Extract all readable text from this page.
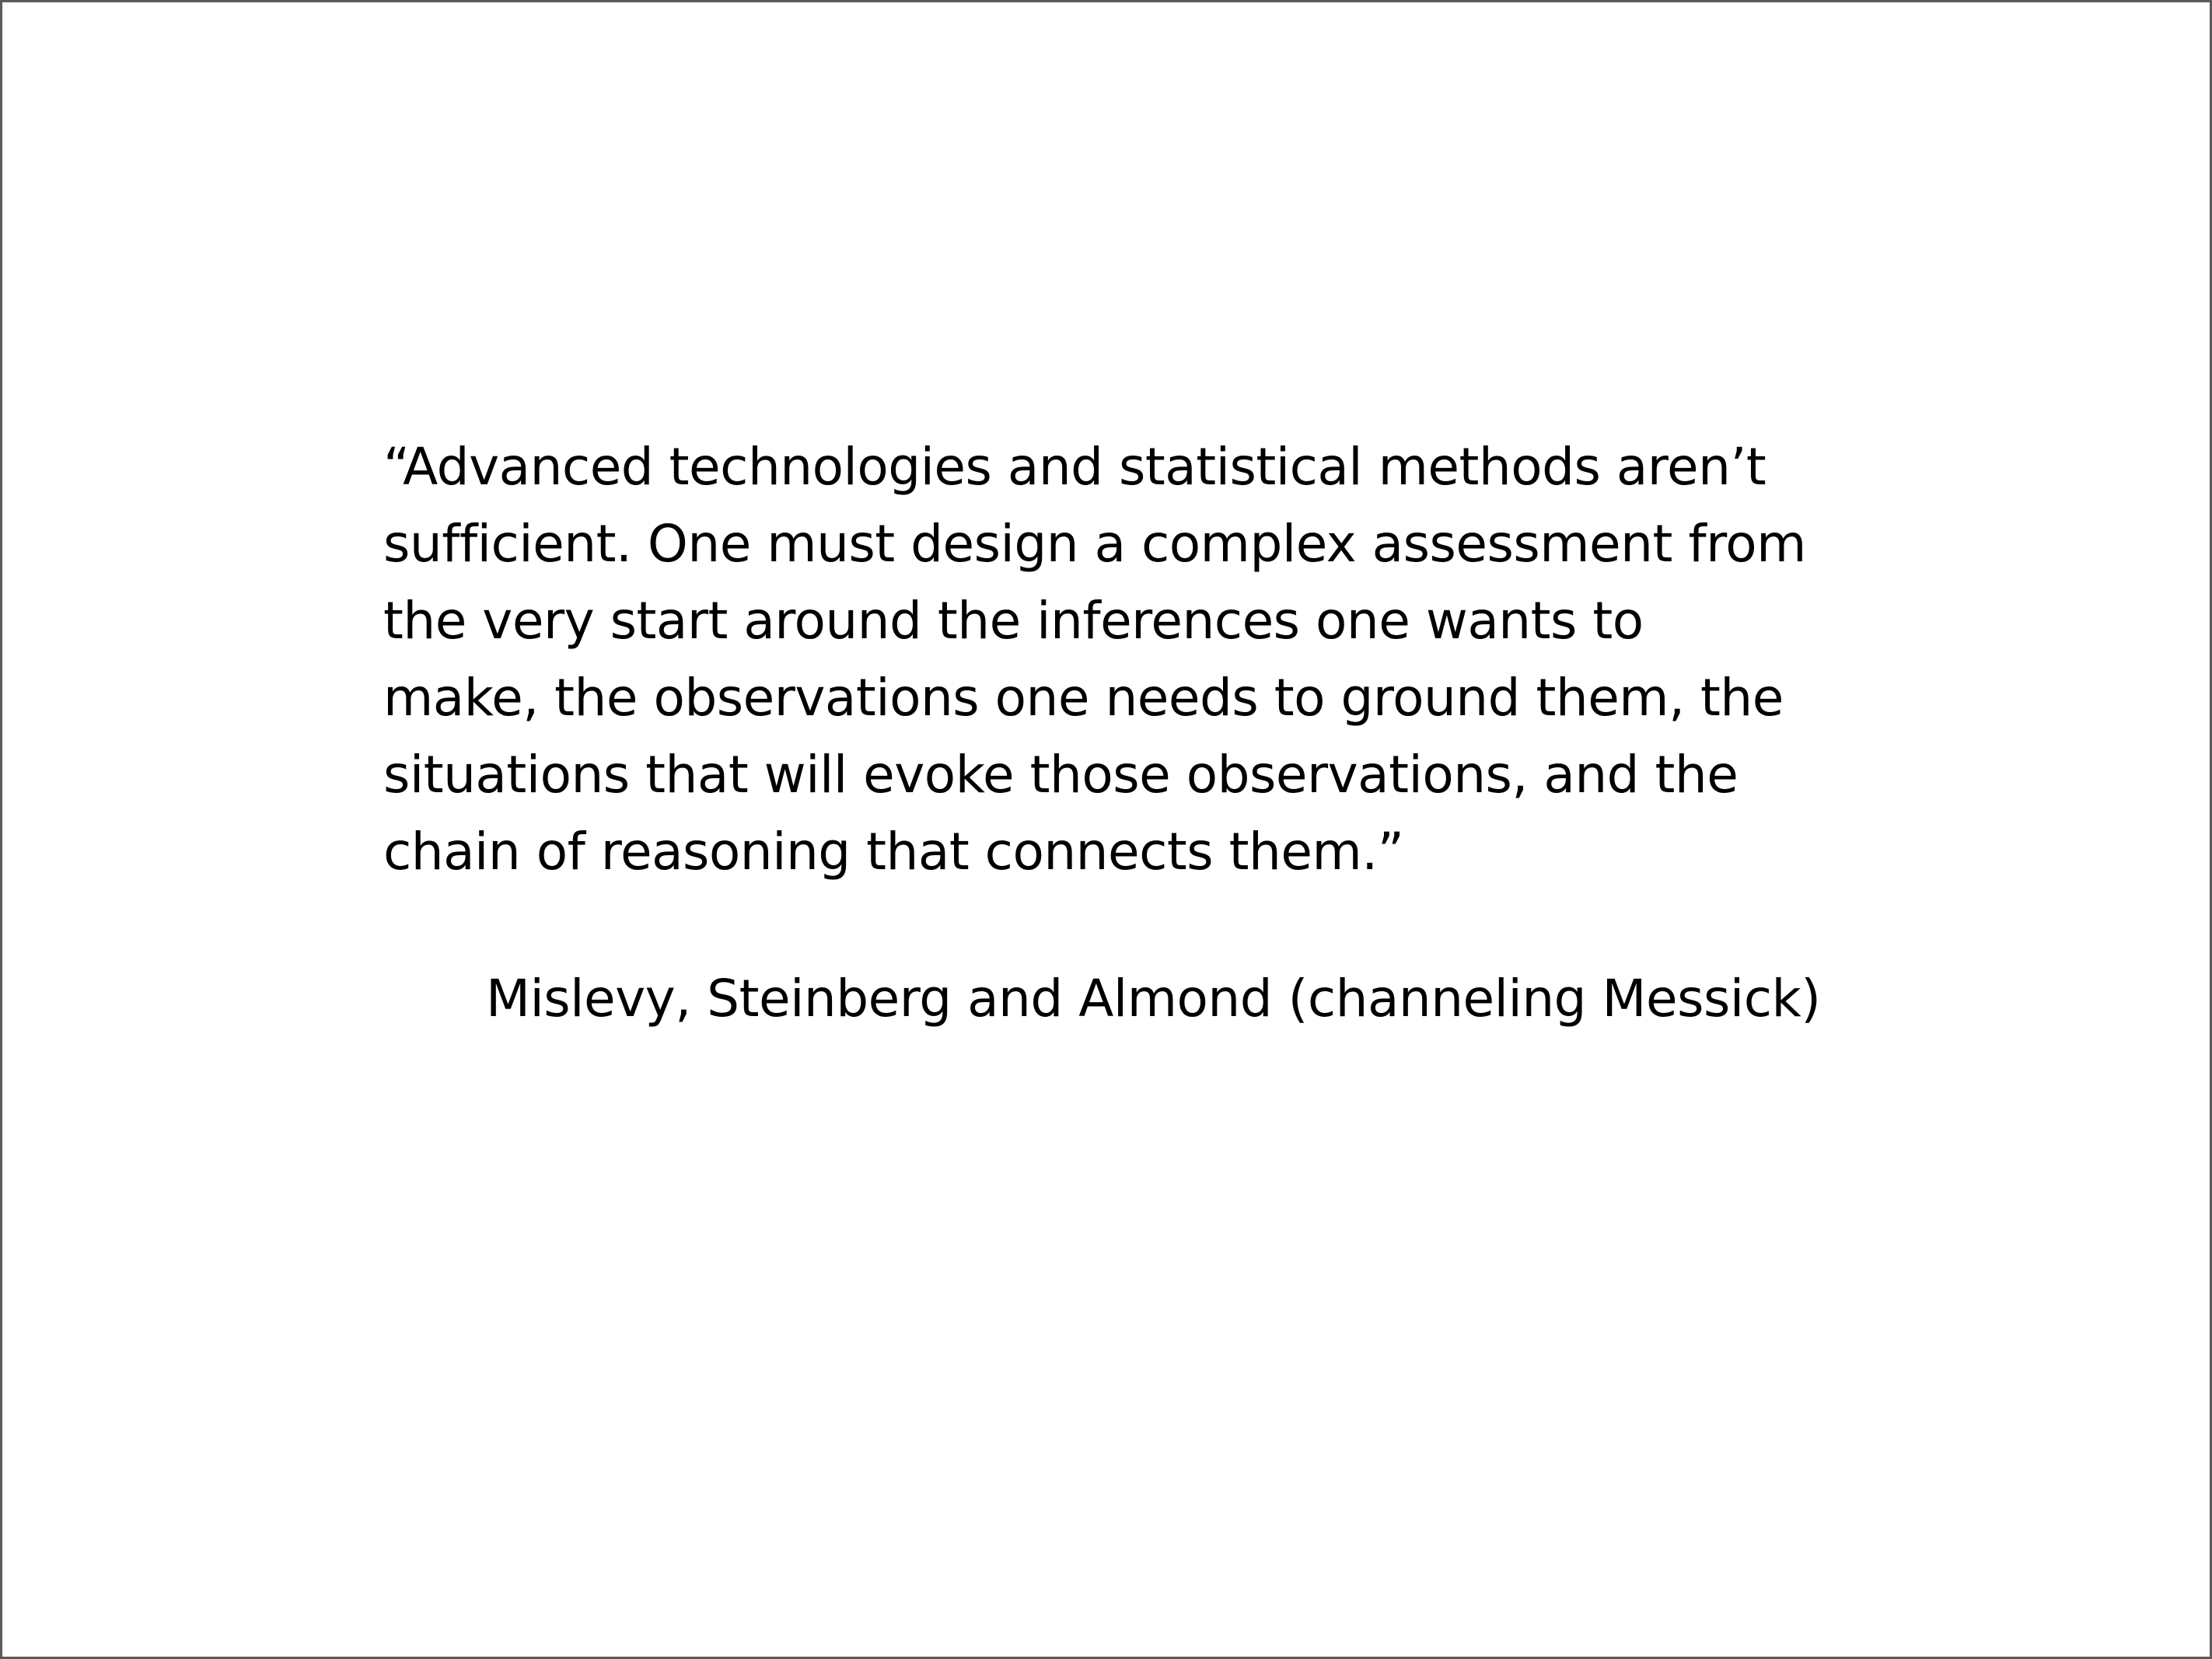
“Advanced technologies and statistical methods aren’t
sufficient. One must design a complex assessment from
the very start around the inferences one wants to
make, the observations one needs to ground them, the
situations that will evoke those observations, and the
chain of reasoning that connects them.”
Mislevy, Steinberg and Almond (channeling Messick)
